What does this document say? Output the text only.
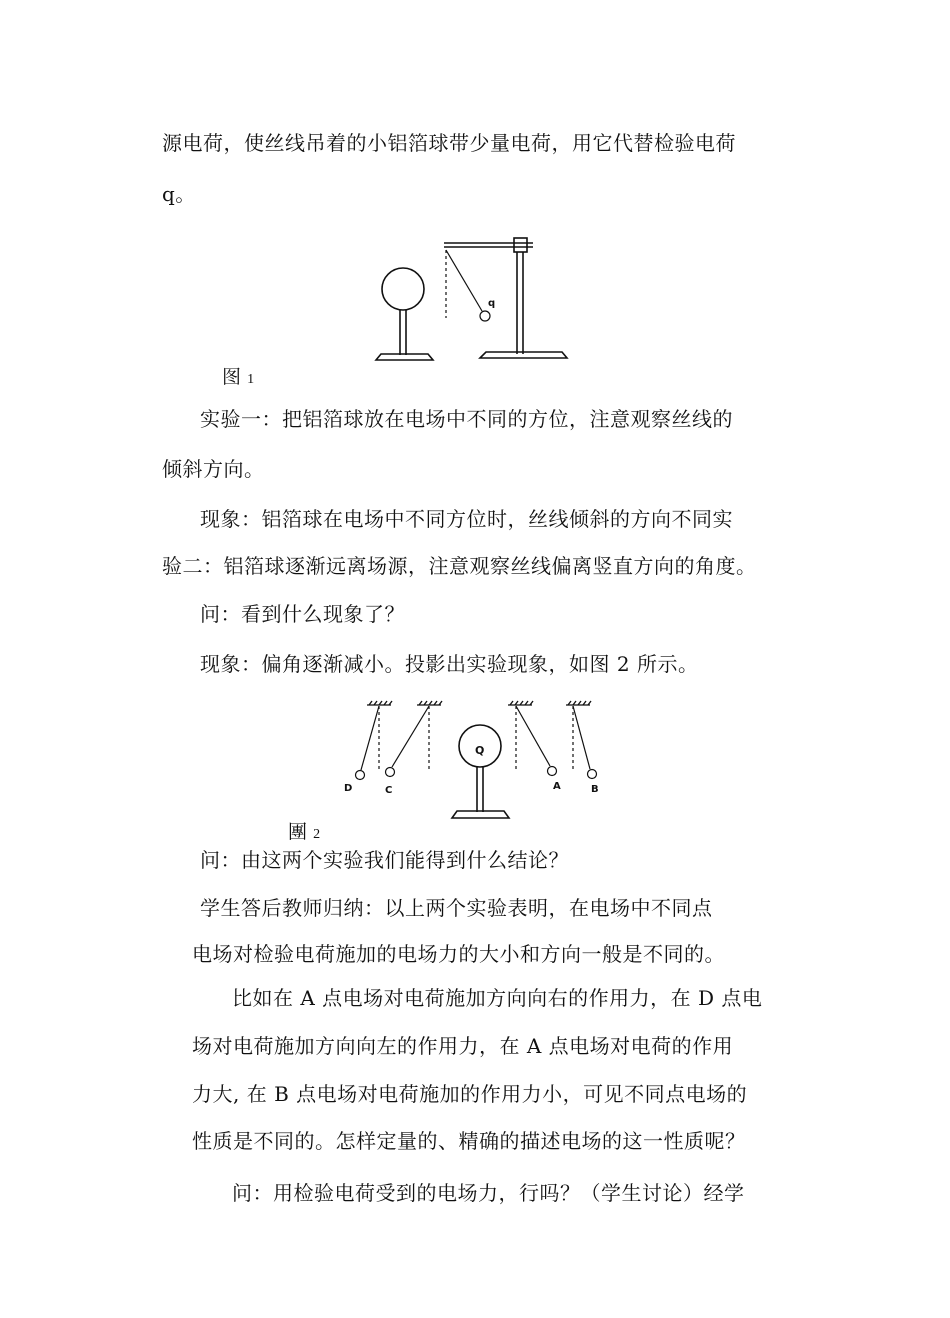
源电荷，使丝线吊着的小铝箔球带少量电荷，用它代替检验电荷
q。
q
图 1
实验一：把铝箔球放在电场中不同的方位，注意观察丝线的
倾斜方向。
现象：铝箔球在电场中不同方位时，丝线倾斜的方向不同实
验二：铝箔球逐渐远离场源，注意观察丝线偏离竖直方向的角度。
问：看到什么现象了？
现象：偏角逐渐减小。投影出实验现象，如图 2 所示。
Q
D	C	A	B
團 2
问：由这两个实验我们能得到什么结论？
学生答后教师归纳：以上两个实验表明，在电场中不同点
电场对检验电荷施加的电场力的大小和方向一般是不同的。
比如在 A 点电场对电荷施加方向向右的作用力，在 D 点电
场对电荷施加方向向左的作用力，在 A 点电场对电荷的作用
力大, 在 B 点电场对电荷施加的作用力小，可见不同点电场的
性质是不同的。怎样定量的、精确的描述电场的这一性质呢？
问：用检验电荷受到的电场力，行吗？（学生讨论）经学
